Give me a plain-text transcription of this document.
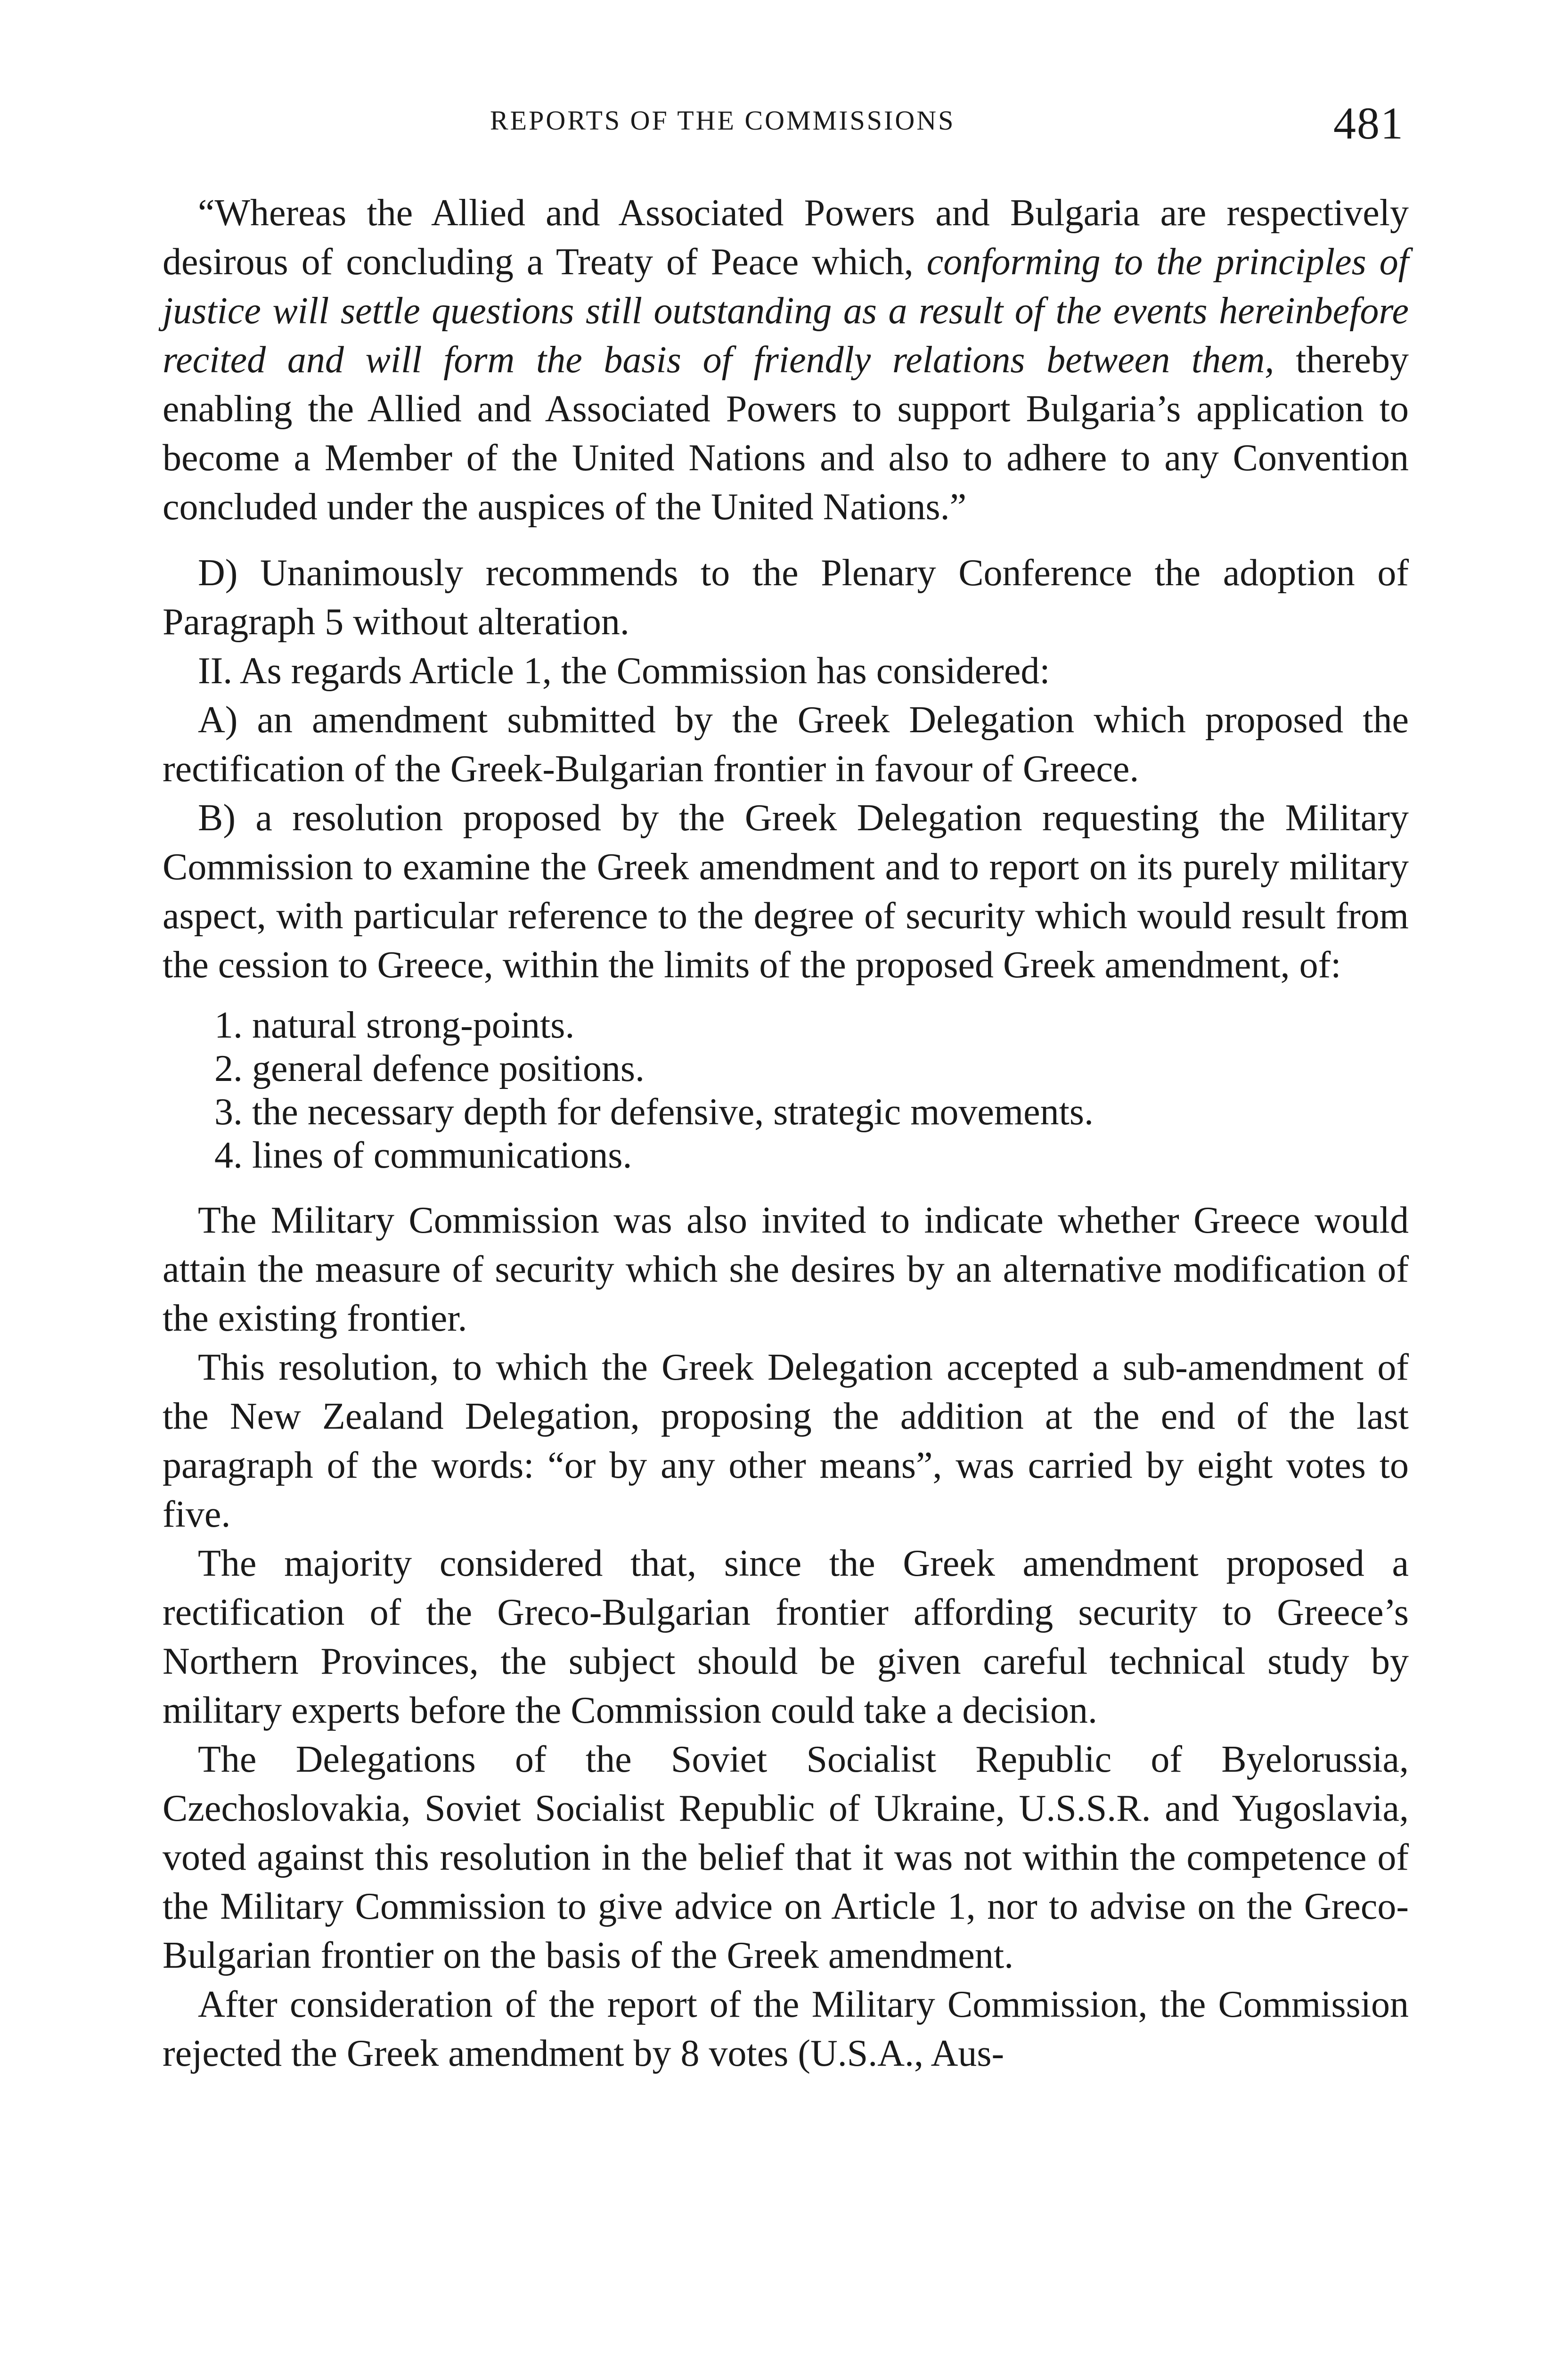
REPORTS OF THE COMMISSIONS	481

“Whereas the Allied and Associated Powers and Bulgaria are respectively desirous of concluding a Treaty of Peace which, conforming to the principles of justice will settle questions still outstanding as a result of the events hereinbefore recited and will form the basis of friendly relations between them, thereby enabling the Allied and Associated Powers to support Bulgaria’s application to become a Member of the United Nations and also to adhere to any Convention concluded under the auspices of the United Nations.”

D) Unanimously recommends to the Plenary Conference the adoption of Paragraph 5 without alteration.

II. As regards Article 1, the Commission has considered:

A) an amendment submitted by the Greek Delegation which proposed the rectification of the Greek-Bulgarian frontier in favour of Greece.

B) a resolution proposed by the Greek Delegation requesting the Military Commission to examine the Greek amendment and to report on its purely military aspect, with particular reference to the degree of security which would result from the cession to Greece, within the limits of the proposed Greek amendment, of:

1. natural strong-points.
2. general defence positions.
3. the necessary depth for defensive, strategic movements.
4. lines of communications.

The Military Commission was also invited to indicate whether Greece would attain the measure of security which she desires by an alternative modification of the existing frontier.

This resolution, to which the Greek Delegation accepted a sub-amendment of the New Zealand Delegation, proposing the addition at the end of the last paragraph of the words: “or by any other means”, was carried by eight votes to five.

The majority considered that, since the Greek amendment proposed a rectification of the Greco-Bulgarian frontier affording security to Greece’s Northern Provinces, the subject should be given careful technical study by military experts before the Commission could take a decision.

The Delegations of the Soviet Socialist Republic of Byelorussia, Czechoslovakia, Soviet Socialist Republic of Ukraine, U.S.S.R. and Yugoslavia, voted against this resolution in the belief that it was not within the competence of the Military Commission to give advice on Article 1, nor to advise on the Greco-Bulgarian frontier on the basis of the Greek amendment.

After consideration of the report of the Military Commission, the Commission rejected the Greek amendment by 8 votes (U.S.A., Aus-
